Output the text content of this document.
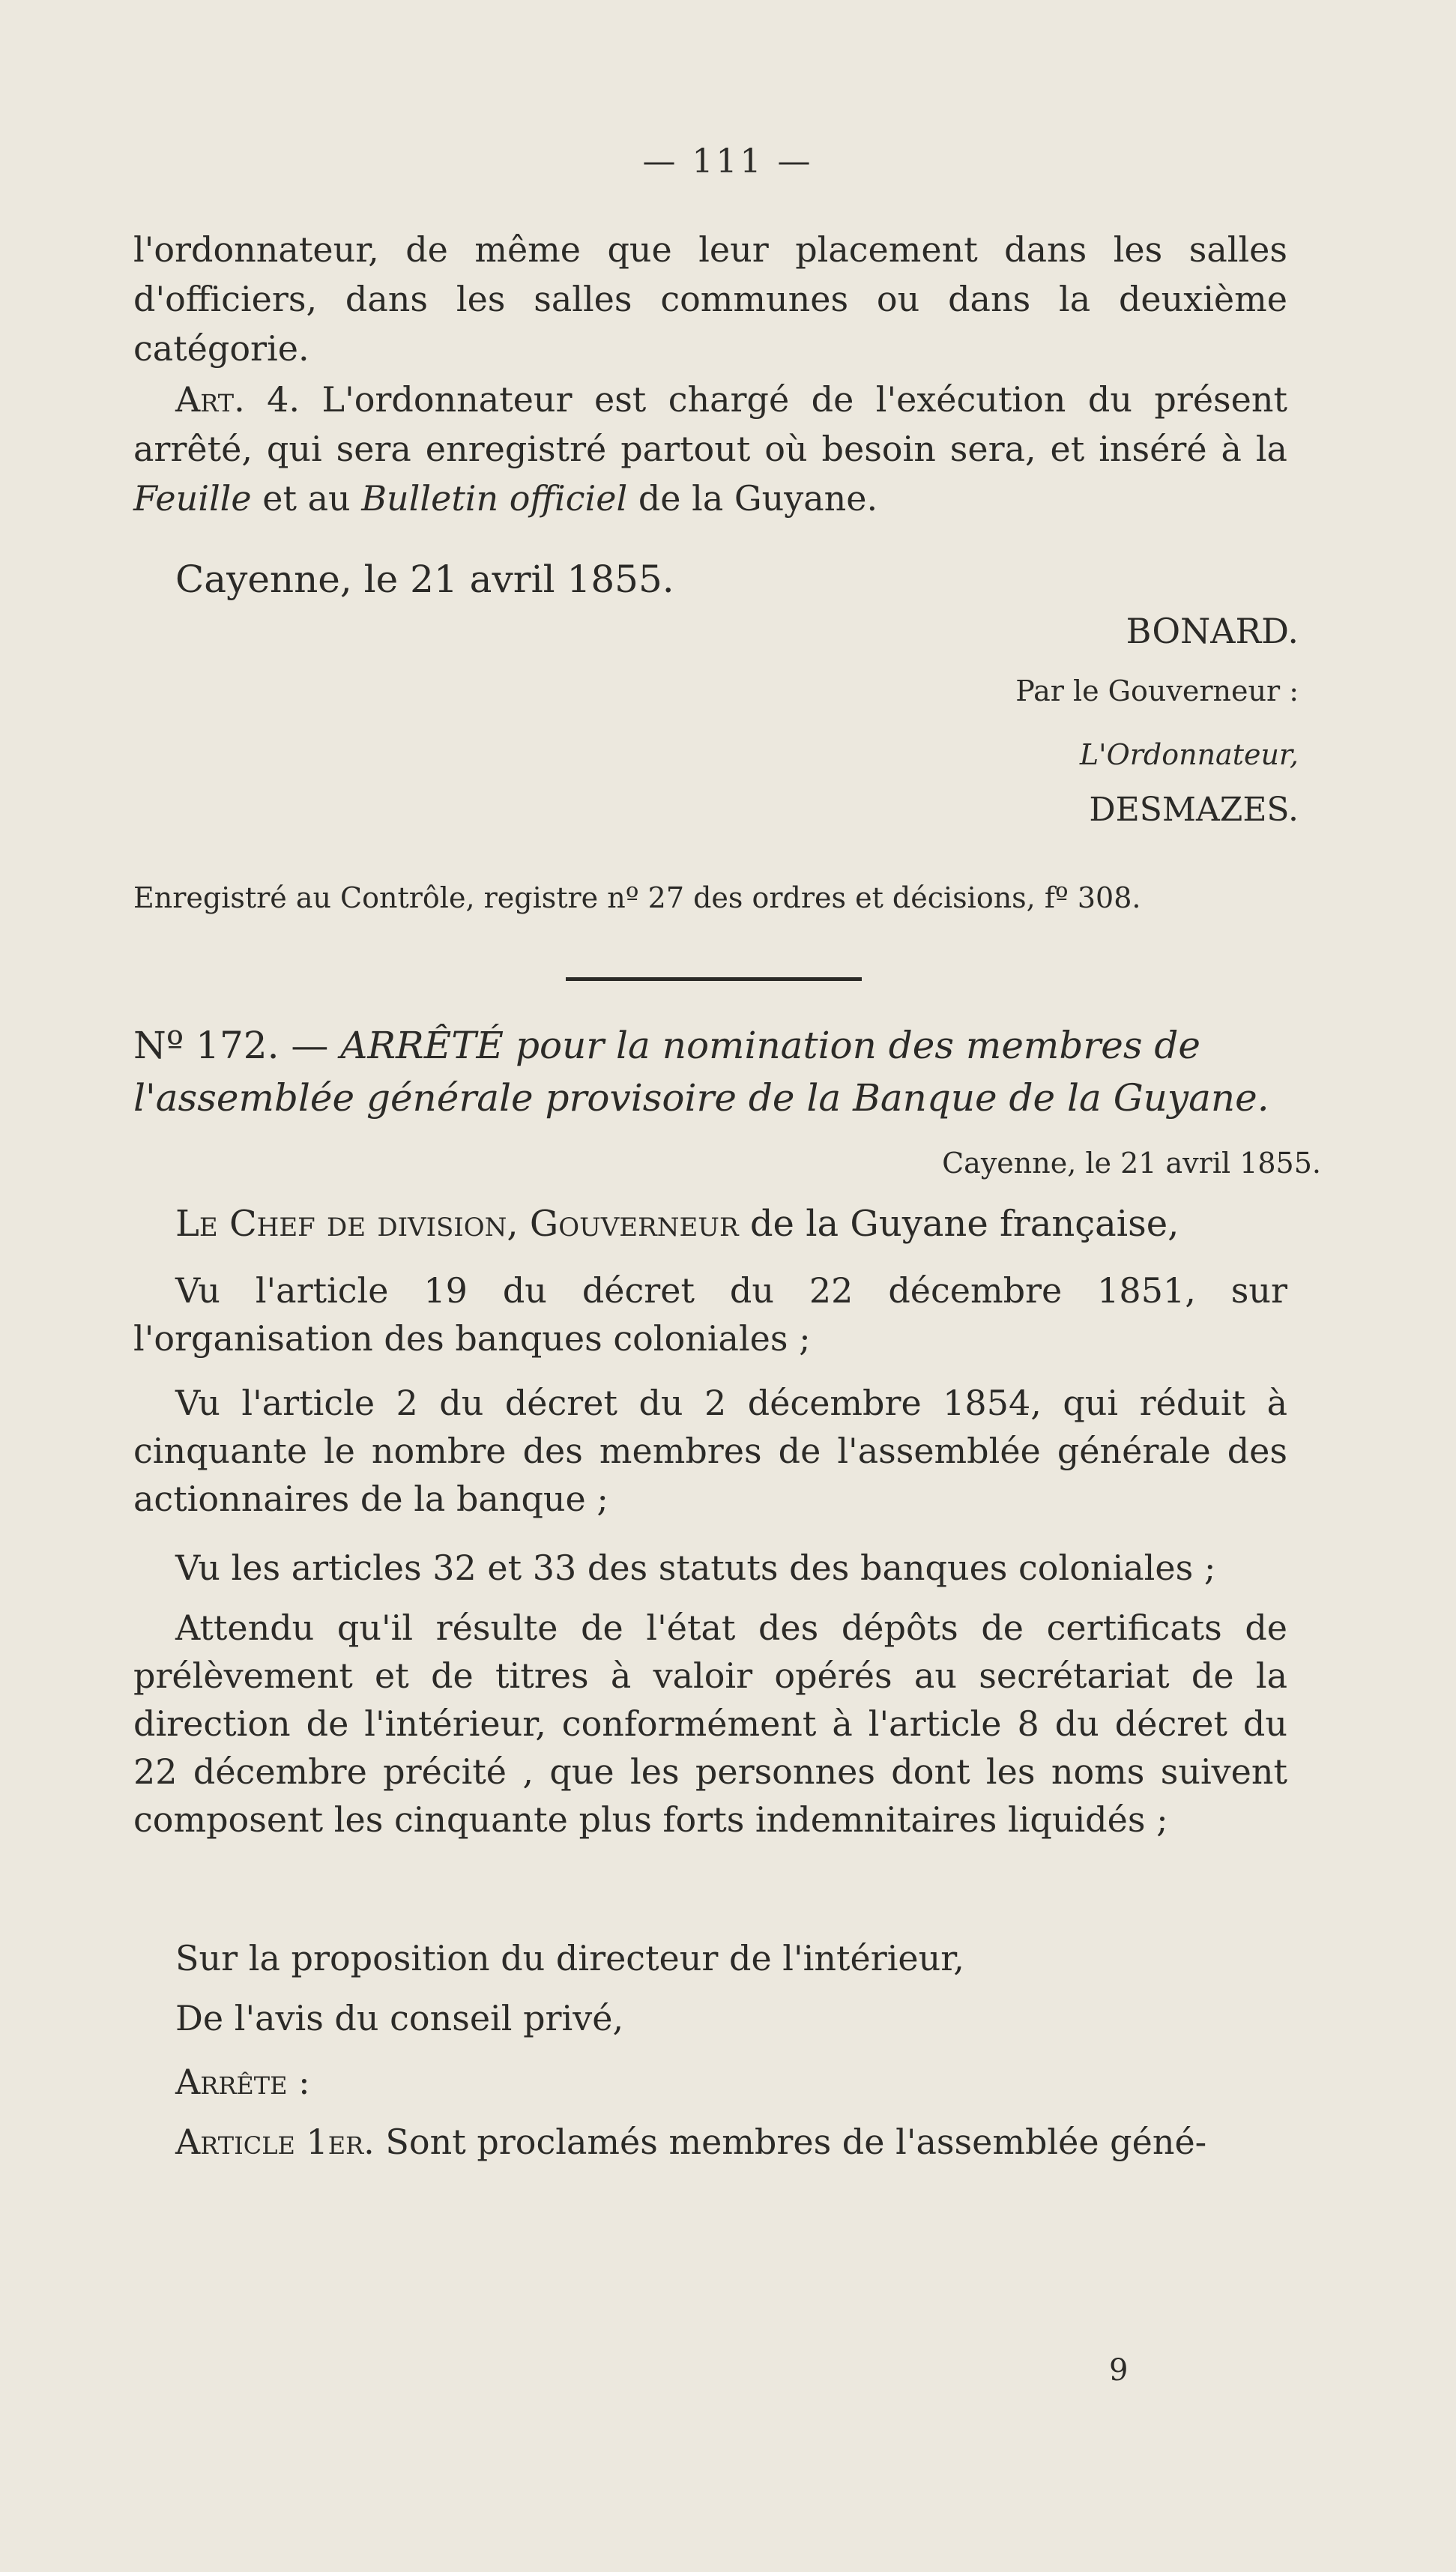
— 111 —
l'ordonnateur, de même que leur placement dans les salles d'officiers, dans les salles communes ou dans la deuxième catégorie.
Art. 4. L'ordonnateur est chargé de l'exécution du présent arrêté, qui sera enregistré partout où besoin sera, et inséré à la Feuille et au Bulletin officiel de la Guyane.
Cayenne, le 21 avril 1855.
BONARD.
Par le Gouverneur :
L'Ordonnateur,
DESMAZES.
Enregistré au Contrôle, registre nº 27 des ordres et décisions, fº 308.
Nº 172. — ARRÊTÉ pour la nomination des membres de l'assemblée générale provisoire de la Banque de la Guyane.
Cayenne, le 21 avril 1855.
Le Chef de division, Gouverneur de la Guyane française,
Vu l'article 19 du décret du 22 décembre 1851, sur l'organisation des banques coloniales ;
Vu l'article 2 du décret du 2 décembre 1854, qui réduit à cinquante le nombre des membres de l'assemblée générale des actionnaires de la banque ;
Vu les articles 32 et 33 des statuts des banques coloniales ;
Attendu qu'il résulte de l'état des dépôts de certificats de prélèvement et de titres à valoir opérés au secrétariat de la direction de l'intérieur, conformément à l'article 8 du décret du 22 décembre précité , que les personnes dont les noms suivent composent les cinquante plus forts indemnitaires liquidés ;
Sur la proposition du directeur de l'intérieur,
De l'avis du conseil privé,
Arrête :
Article 1er. Sont proclamés membres de l'assemblée géné-
9
